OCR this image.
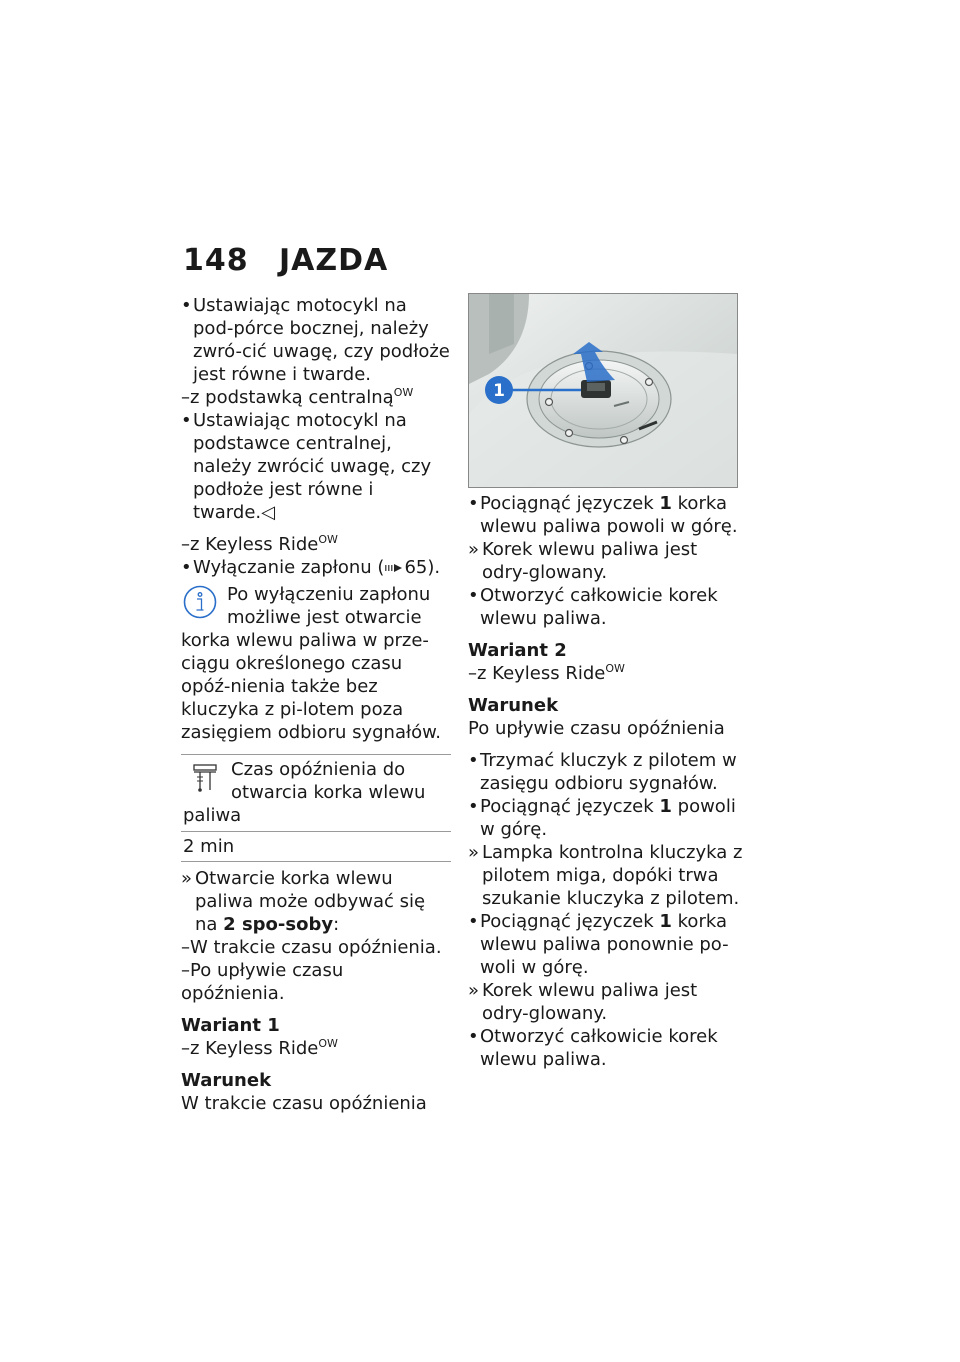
148 JAZDA
• Ustawiając motocykl na pod-pórce bocznej, należy zwró-cić uwagę, czy podłoże jest równe i twarde.
–z podstawką centralną$^{OW}$
• Ustawiając motocykl na podstawce centralnej, należy zwrócić uwagę, czy podłoże jest równe i twarde.◁
–z Keyless Ride$^{OW}$
• Wyłączanie zapłonu ( 65).
Po wyłączeniu zapłonu możliwe jest otwarcie
korka wlewu paliwa w prze-ciągu określonego czasu opóź-nienia także bez kluczyka z pi-lotem poza zasięgiem odbioru sygnałów.
Czas opóźnienia do otwarcia korka wlewu
paliwa
2 min
» Otwarcie korka wlewu paliwa może odbywać się na 2 spo-soby:
–W trakcie czasu opóźnienia.
–Po upływie czasu opóźnienia.
Wariant 1
–z Keyless Ride$^{OW}$
Warunek
W trakcie czasu opóźnienia
1
• Pociągnąć języczek 1 korka wlewu paliwa powoli w górę.
» Korek wlewu paliwa jest odry-glowany.
• Otworzyć całkowicie korek wlewu paliwa.
Wariant 2
–z Keyless Ride$^{OW}$
Warunek
Po upływie czasu opóźnienia
• Trzymać kluczyk z pilotem w zasięgu odbioru sygnałów.
• Pociągnąć języczek 1 powoli w górę.
» Lampka kontrolna kluczyka z pilotem miga, dopóki trwa szukanie kluczyka z pilotem.
• Pociągnąć języczek 1 korka wlewu paliwa ponownie po-woli w górę.
» Korek wlewu paliwa jest odry-glowany.
• Otworzyć całkowicie korek wlewu paliwa.
